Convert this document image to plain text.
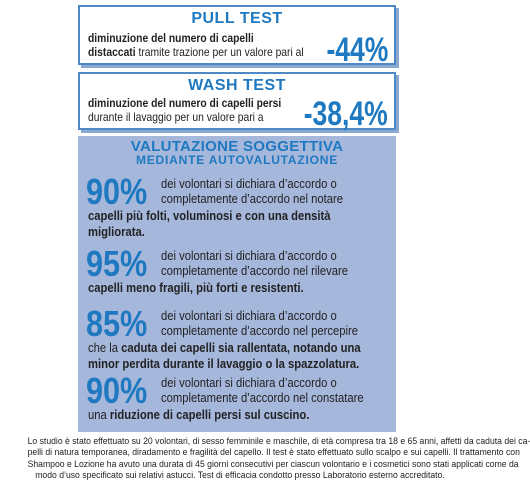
PULL TEST
diminuzione del numero di capelli
distaccati tramite trazione per un valore pari al -44%
WASH TEST
diminuzione del numero di capelli persi
durante il lavaggio per un valore pari a	-38,4%
VALUTAZIONE SOGGETTIVA
MEDIANTE AUTOVALUTAZIONE
90% dei volontari si dichiara d’accordo o
completamente d’accordo nel notare
capelli più folti, voluminosi e con una densità
migliorata.
95% dei volontari si dichiara d’accordo o
completamente d’accordo nel rilevare
capelli meno fragili, più forti e resistenti.
85% dei volontari si dichiara d’accordo o
completamente d’accordo nel percepire
che la caduta dei capelli sia rallentata, notando una
minor perdita durante il lavaggio o la spazzolatura.
90% dei volontari si dichiara d’accordo o
completamente d’accordo nel constatare
una riduzione di capelli persi sul cuscino.
Lo studio è stato effettuato su 20 volontari, di sesso femminile e maschile, di età compresa tra 18 e 65 anni, affetti da caduta dei ca-
pelli di natura temporanea, diradamento e fragilità del capello. Il test è stato effettuato sullo scalpo e sui capelli. Il trattamento con
Shampoo e Lozione ha avuto una durata di 45 giorni consecutivi per ciascun volontario e i cosmetici sono stati applicati come da
modo d’uso specificato sui relativi astucci. Test di efficacia condotto presso Laboratorio esterno accreditato.
